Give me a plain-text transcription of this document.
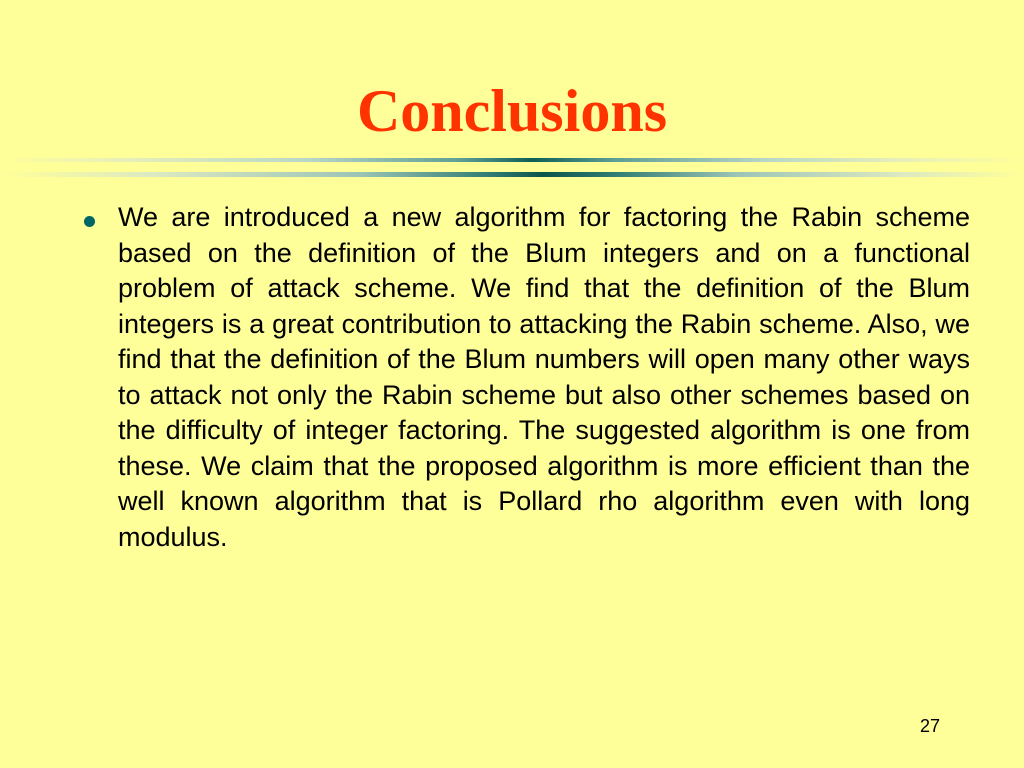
Conclusions

We are introduced a new algorithm for factoring the Rabin scheme based on the definition of the Blum integers and on a functional problem of attack scheme. We find that the definition of the Blum integers is a great contribution to attacking the Rabin scheme. Also, we find that the definition of the Blum numbers will open many other ways to attack not only the Rabin scheme but also other schemes based on the difficulty of integer factoring. The suggested algorithm is one from these. We claim that the proposed algorithm is more efficient than the well known algorithm that is Pollard rho algorithm even with long modulus.

27
